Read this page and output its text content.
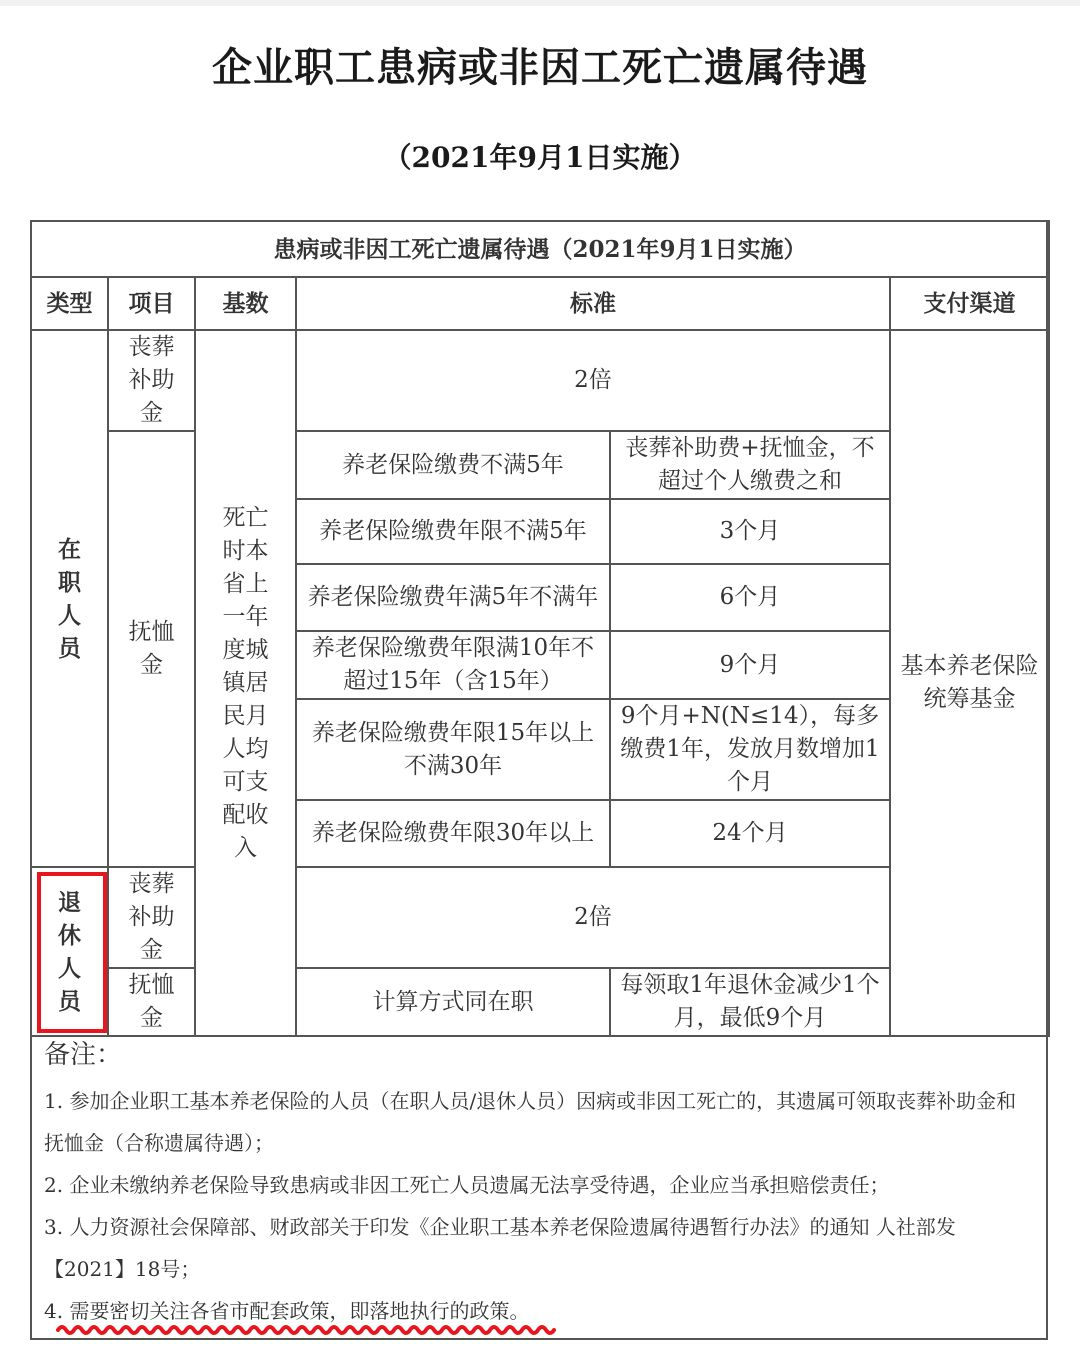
企业职工患病或非因工死亡遗属待遇
（2021年9月1日实施）
患病或非因工死亡遗属待遇（2021年9月1日实施）					
类型	项目	基数	标准		支付渠道
在职人员	丧葬补助金	死亡时本省上一年度城镇居民月人均可支配收入	2倍		基本养老保险统筹基金
	抚恤金		养老保险缴费不满5年	丧葬补助费+抚恤金，不超过个人缴费之和	
			养老保险缴费年限不满5年	3个月	
			养老保险缴费年满5年不满年	6个月	
			养老保险缴费年限满10年不超过15年（含15年）	9个月	
			养老保险缴费年限15年以上不满30年	9个月+N(N≤14），每多缴费1年，发放月数增加1个月	
			养老保险缴费年限30年以上	24个月	

退休人员	丧葬补助金		2倍		
	抚恤金		计算方式同在职	每领取1年退休金减少1个月，最低9个月	
备注：
1. 参加企业职工基本养老保险的人员（在职人员/退休人员）因病或非因工死亡的，其遗属可领取丧葬补助金和抚恤金（合称遗属待遇）；
2. 企业未缴纳养老保险导致患病或非因工死亡人员遗属无法享受待遇，企业应当承担赔偿责任；
3. 人力资源社会保障部、财政部关于印发《企业职工基本养老保险遗属待遇暂行办法》的通知 人社部发【2021】18号；
4. 需要密切关注各省市配套政策，即落地执行的政策。
